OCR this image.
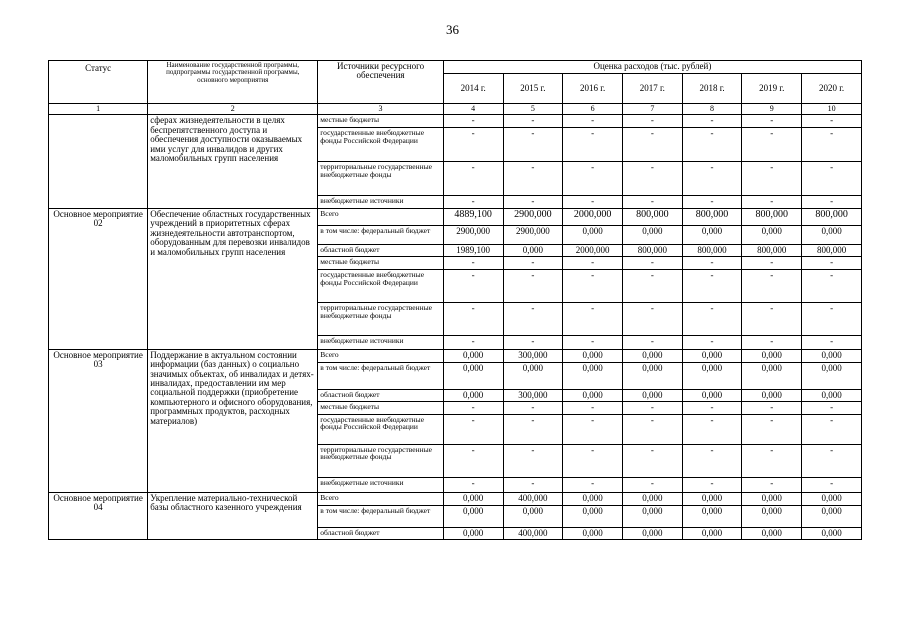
36
Статус	Наименование государственной программы, подпрограммы государственной программы, основного мероприятия	Источники ресурсного обеспечения	Оценка расходов (тыс. рублей)						
			2014 г.	2015 г.	2016 г.	2017 г.	2018 г.	2019 г.	2020 г.
1	2	3	4	5	6	7	8	9	10
	сферах жизнедеятельности в целях беспрепятственного доступа и обеспечения доступности оказываемых ими услуг для инвалидов и других маломобильных групп населения	местные бюджеты	-	-	-	-	-	-	-
		государственные внебюджетные фонды Российской Федерации	-	-	-	-	-	-	-
		территориальные государственные внебюджетные фонды	-	-	-	-	-	-	-
		внебюджетные источники	-	-	-	-	-	-	-
Основное мероприятие 02	Обеспечение областных государственных учреждений в приоритетных сферах жизнедеятельности автотранспортом, оборудованным для перевозки инвалидов и маломобильных групп населения	Всего	4889,100	2900,000	2000,000	800,000	800,000	800,000	800,000
		в том числе: федеральный бюджет	2900,000	2900,000	0,000	0,000	0,000	0,000	0,000
		областной бюджет	1989,100	0,000	2000,000	800,000	800,000	800,000	800,000
		местные бюджеты	-	-	-	-	-	-	-
		государственные внебюджетные фонды Российской Федерации	-	-	-	-	-	-	-
		территориальные государственные внебюджетные фонды	-	-	-	-	-	-	-
		внебюджетные источники	-	-	-	-	-	-	-
Основное мероприятие 03	Поддержание в актуальном состоянии информации (баз данных) о социально значимых объектах, об инвалидах и детях-инвалидах, предоставлении им мер социальной поддержки (приобретение компьютерного и офисного оборудования, программных продуктов, расходных материалов)	Всего	0,000	300,000	0,000	0,000	0,000	0,000	0,000
		в том числе: федеральный бюджет	0,000	0,000	0,000	0,000	0,000	0,000	0,000
		областной бюджет	0,000	300,000	0,000	0,000	0,000	0,000	0,000
		местные бюджеты	-	-	-	-	-	-	-
		государственные внебюджетные фонды Российской Федерации	-	-	-	-	-	-	-
		территориальные государственные внебюджетные фонды	-	-	-	-	-	-	-
		внебюджетные источники	-	-	-	-	-	-	-
Основное мероприятие 04	Укрепление материально-технической базы областного казенного учреждения	Всего	0,000	400,000	0,000	0,000	0,000	0,000	0,000
		в том числе: федеральный бюджет	0,000	0,000	0,000	0,000	0,000	0,000	0,000
		областной бюджет	0,000	400,000	0,000	0,000	0,000	0,000	0,000
